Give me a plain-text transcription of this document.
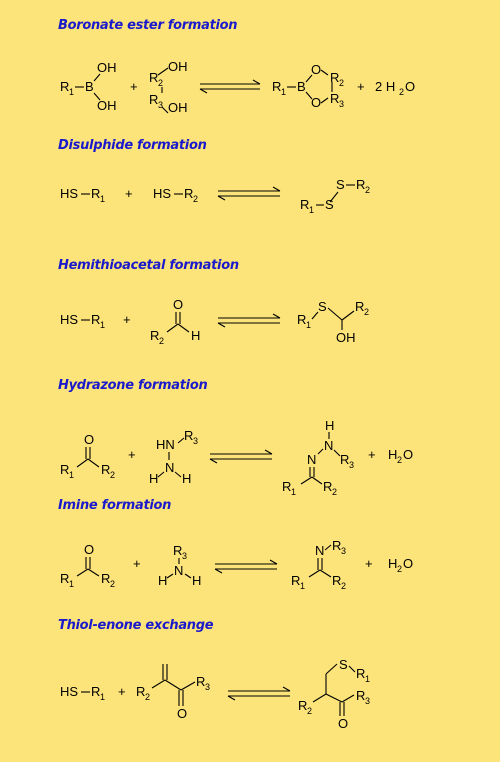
Boronate ester formation
R 1 B
OH
OH
+
R 2
R 3
OH
OH
R 1 B
O
O
R 2
R 3
+ 2 H 2 O
Disulphide formation
HS R 1 + HS R 2
S R 2
R 1 S
Hemithioacetal formation
HS R 1 +
O
R 2 H
R 1
S R 2
OH
Hydrazone formation
O
R 1 R 2
+
HN
R 3
N
H H
H
N
R 3
N
R 1 R 2
+ H 2 O
Imine formation
O
R 1 R 2
+
R 3
N
H H
N R 3
R 1 R 2
+ H 2 O
Thiol-enone exchange
HS R 1 + R 2
R 3
O
S
R 1
R 2
R 3
O
